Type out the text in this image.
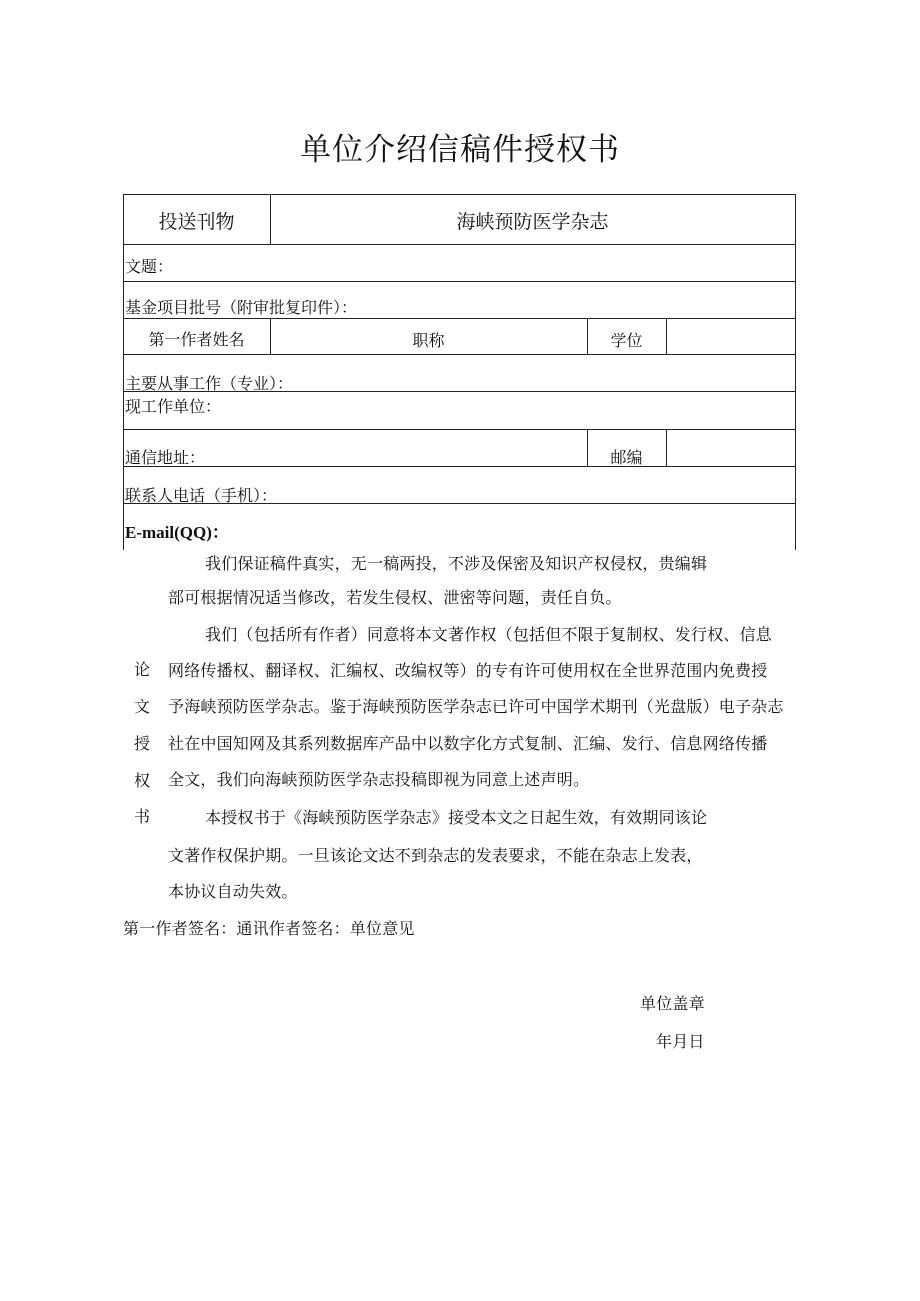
单位介绍信稿件授权书
投送刊物	海峡预防医学杂志
文题：
基金项目批号（附审批复印件）：
第一作者姓名	职称	学位
主要从事工作（专业）：
现工作单位：
通信地址：	邮编
联系人电话（手机）：
E-mail(QQ)：
论
文
授
权
书
我们保证稿件真实，无一稿两投，不涉及保密及知识产权侵权，贵编辑
部可根据情况适当修改，若发生侵权、泄密等问题，责任自负。
我们（包括所有作者）同意将本文著作权（包括但不限于复制权、发行权、信息
网络传播权、翻译权、汇编权、改编权等）的专有许可使用权在全世界范围内免费授
予海峡预防医学杂志。鉴于海峡预防医学杂志已许可中国学术期刊（光盘版）电子杂志
社在中国知网及其系列数据库产品中以数字化方式复制、汇编、发行、信息网络传播
全文，我们向海峡预防医学杂志投稿即视为同意上述声明。
本授权书于《海峡预防医学杂志》接受本文之日起生效，有效期同该论
文著作权保护期。一旦该论文达不到杂志的发表要求，不能在杂志上发表，
本协议自动失效。
第一作者签名：通讯作者签名：单位意见
单位盖章
年月日
